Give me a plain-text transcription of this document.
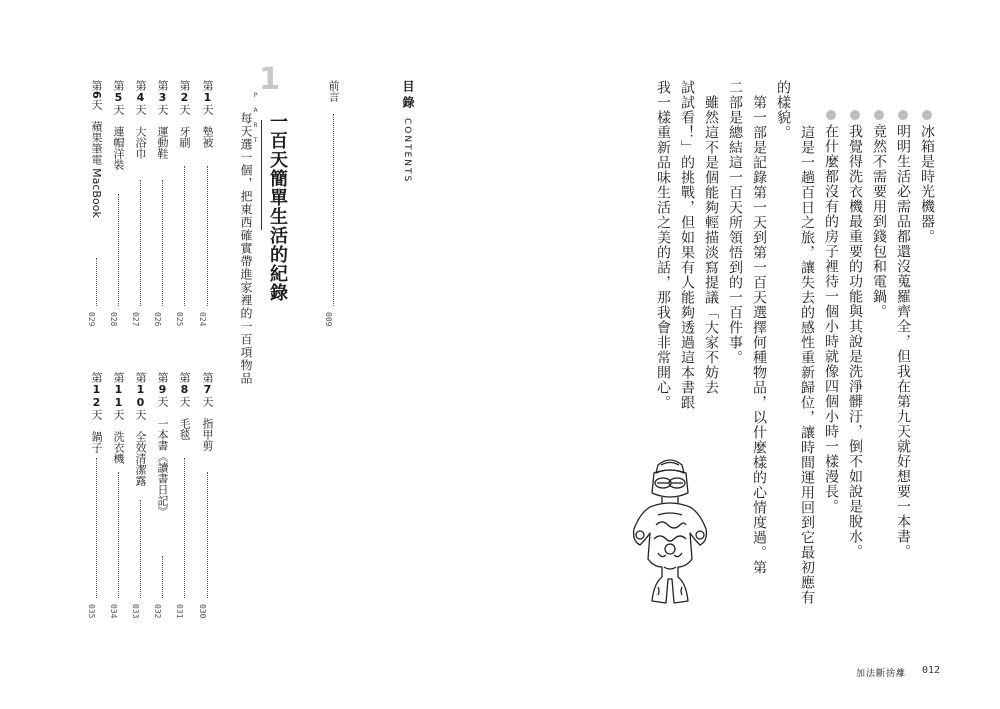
目錄
CONTENTS
前言
009
1
PART 一百天簡單生活的紀錄
每天選一個，把東西確實帶進家裡的一百項物品
第1天　墊被
024
第2天　牙刷
025
第3天　運動鞋
026
第4天　大浴巾
027
第5天　連帽洋裝
028
第6天　蘋果筆電 MacBook
029
第7天　指甲剪
030
第8天　毛毯
031
第9天　一本書《讀書日記》
032
第10天　全效清潔露
033
第11天　洗衣機
034
第12天　鍋子
035
冰箱是時光機器。
明明生活必需品都還沒蒐羅齊全，但我在第九天就好想要一本書。
竟然不需要用到錢包和電鍋。
我覺得洗衣機最重要的功能與其說是洗淨髒汙，倒不如說是脫水。
在什麼都沒有的房子裡待一個小時就像四個小時一樣漫長。
　這是一趟百日之旅，讓失去的感性重新歸位，讓時間運用回到它最初應有
的樣貌。
　第一部是記錄第一天到第一百天選擇何種物品，以什麼樣的心情度過。第
二部是總結這一百天所領悟到的一百件事。
　雖然這不是個能夠輕描淡寫提議「大家不妨去
試試看！」的挑戰，但如果有人能夠透過這本書跟
我一樣重新品味生活之美的話，那我會非常開心。
加法斷捨離 012
